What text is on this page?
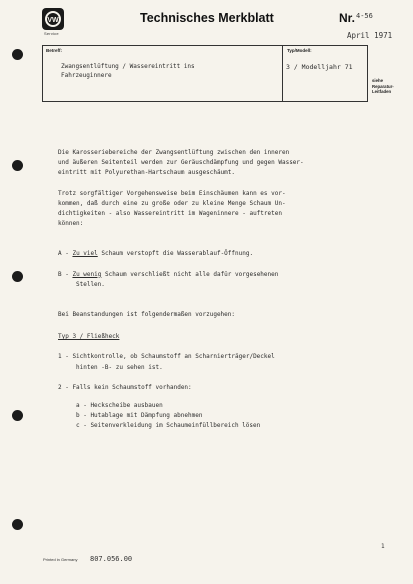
VW
Service
Technisches Merkblatt	Nr. 4-56
April 1971
Betreff:	Typ/Modell:
Zwangsentlüftung / Wassereintritt ins
Fahrzeuginnere
3 / Modelljahr 71
siehe
Reparatur-
Leitfaden

Die Karosseriebereiche der Zwangsentlüftung zwischen den inneren

und äußeren Seitenteil werden zur Geräuschdämpfung und gegen Wasser-

eintritt mit Polyurethan-Hartschaum ausgeschäumt.

Trotz sorgfältiger Vorgehensweise beim Einschäumen kann es vor-

kommen, daß durch eine zu große oder zu kleine Menge Schaum Un-

dichtigkeiten - also Wassereintritt im Wageninnere - auftreten

können:

A - Zu viel Schaum verstopft die Wasserablauf-Öffnung.

B - Zu wenig Schaum verschließt nicht alle dafür vorgesehenen

Stellen.

Bei Beanstandungen ist folgendermaßen vorzugehen:

Typ 3 / Fließheck

1 - Sichtkontrolle, ob Schaumstoff an Scharnierträger/Deckel

hinten -B- zu sehen ist.

2 - Falls kein Schaumstoff vorhanden:

a - Heckscheibe ausbauen

b - Hutablage mit Dämpfung abnehmen

c - Seitenverkleidung im Schaumeinfüllbereich lösen

1
Printed in Germany 807.056.00
